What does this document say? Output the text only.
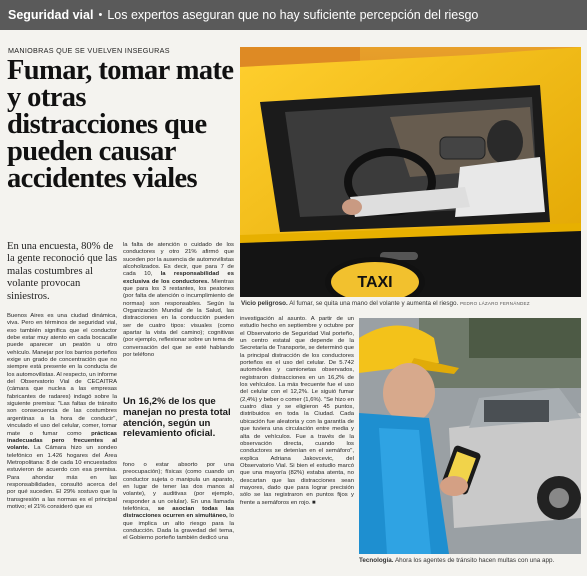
Seguridad vial • Los expertos aseguran que no hay suficiente percepción del riesgo
MANIOBRAS QUE SE VUELVEN INSEGURAS
Fumar, tomar mate y otras distracciones que pueden causar accidentes viales
En una encuesta, 80% de la gente reconoció que las malas costumbres al volante provocan siniestros.

Buenos Aires es una ciudad dinámica, viva. Pero en términos de seguridad vial, eso también significa que el conductor debe estar muy atento en cada bocacalle puede aparecer un peatón u otro vehículo. Manejar por los barrios porteños exige un grado de concentración que no siempre está presente en la conducta de los automovilistas. Al respecto, un informe del Observatorio Vial de CECAITRA (cámara que nuclea a las empresas fabricantes de radares) indagó sobre la siguiente premisa: "Las faltas de tránsito son consecuencia de las costumbres argentinas a la hora de conducir", vinculado el uso del celular, comer, tomar mate o fumar como prácticas inadecuadas pero frecuentes al volante. La Cámara hizo un sondeo telefónico en 1.426 hogares del Área Metropolitana: 8 de cada 10 encuestados estuvieron de acuerdo con esa premisa. Para ahondar más en las responsabilidades, consultó acerca del por qué suceden. El 29% sostuvo que la transgresión a las normas es el principal motivo; el 21% consideró que es

la falta de atención o cuidado de los conductores y otro 21% afirmó que suceden por la ausencia de automovilistas alcoholizados. Es decir, que para 7 de cada 10, la responsabilidad es exclusiva de los conductores. Mientras que para los 3 restantes, los peatones (por falta de atención o incumplimiento de normas) son responsables. Según la Organización Mundial de la Salud, las distracciones en la conducción pueden ser de cuatro tipos: visuales (como apartar la vista del camino); cognitivas (por ejemplo, reflexionar sobre un tema de conversación del que se esté hablando por teléfono

Un 16,2% de los que manejan no presta total atención, según un relevamiento oficial.

fono o estar absorto por una preocupación); físicas (como cuando un conductor sujeta o manipula un aparato, en lugar de tener las dos manos al volante), y auditivas (por ejemplo, responder a un celular). En una llamada telefónica, se asocian todas las distracciones ocurren en simultáneo, lo que implica un alto riesgo para la conducción. Dada la gravedad del tema, el Gobierno porteño también dedicó una

investigación al asunto. A partir de un estudio hecho en septiembre y octubre por el Observatorio de Seguridad Vial porteño, un centro estatal que depende de la Secretaría de Transporte, se determinó que la principal distracción de los conductores porteños es el uso del celular. De 5.742 automóviles y camionetas observados, registraron distracciones en un 16,2% de los vehículos. La más frecuente fue el uso del celular con el 12,2%. Le siguió fumar (2,4%) y beber o comer (1,6%). "Se hizo en cuatro días y se eligieron 45 puntos, distribuidos en toda la Ciudad. Cada ubicación fue aleatoria y con la garantía de que tuviera una circulación entre media y alta de vehículos. Fue a través de la observación directa, cuando los conductores se detenían en el semáforo", explica Adriana Jakovcevic, del Observatorio Vial. Si bien el estudio marcó que una mayoría (82%) estaba atenta, no descartan que las distracciones sean mayores, dado que para lograr precisión sólo se las registraron en puntos fijos y frente a semáforos en rojo. ■

TAXI
Vicio peligroso. Al fumar, se quita una mano del volante y aumenta el riesgo. PEDRO LÁZARO FERNÁNDEZ
Tecnología. Ahora los agentes de tránsito hacen multas con una app.
